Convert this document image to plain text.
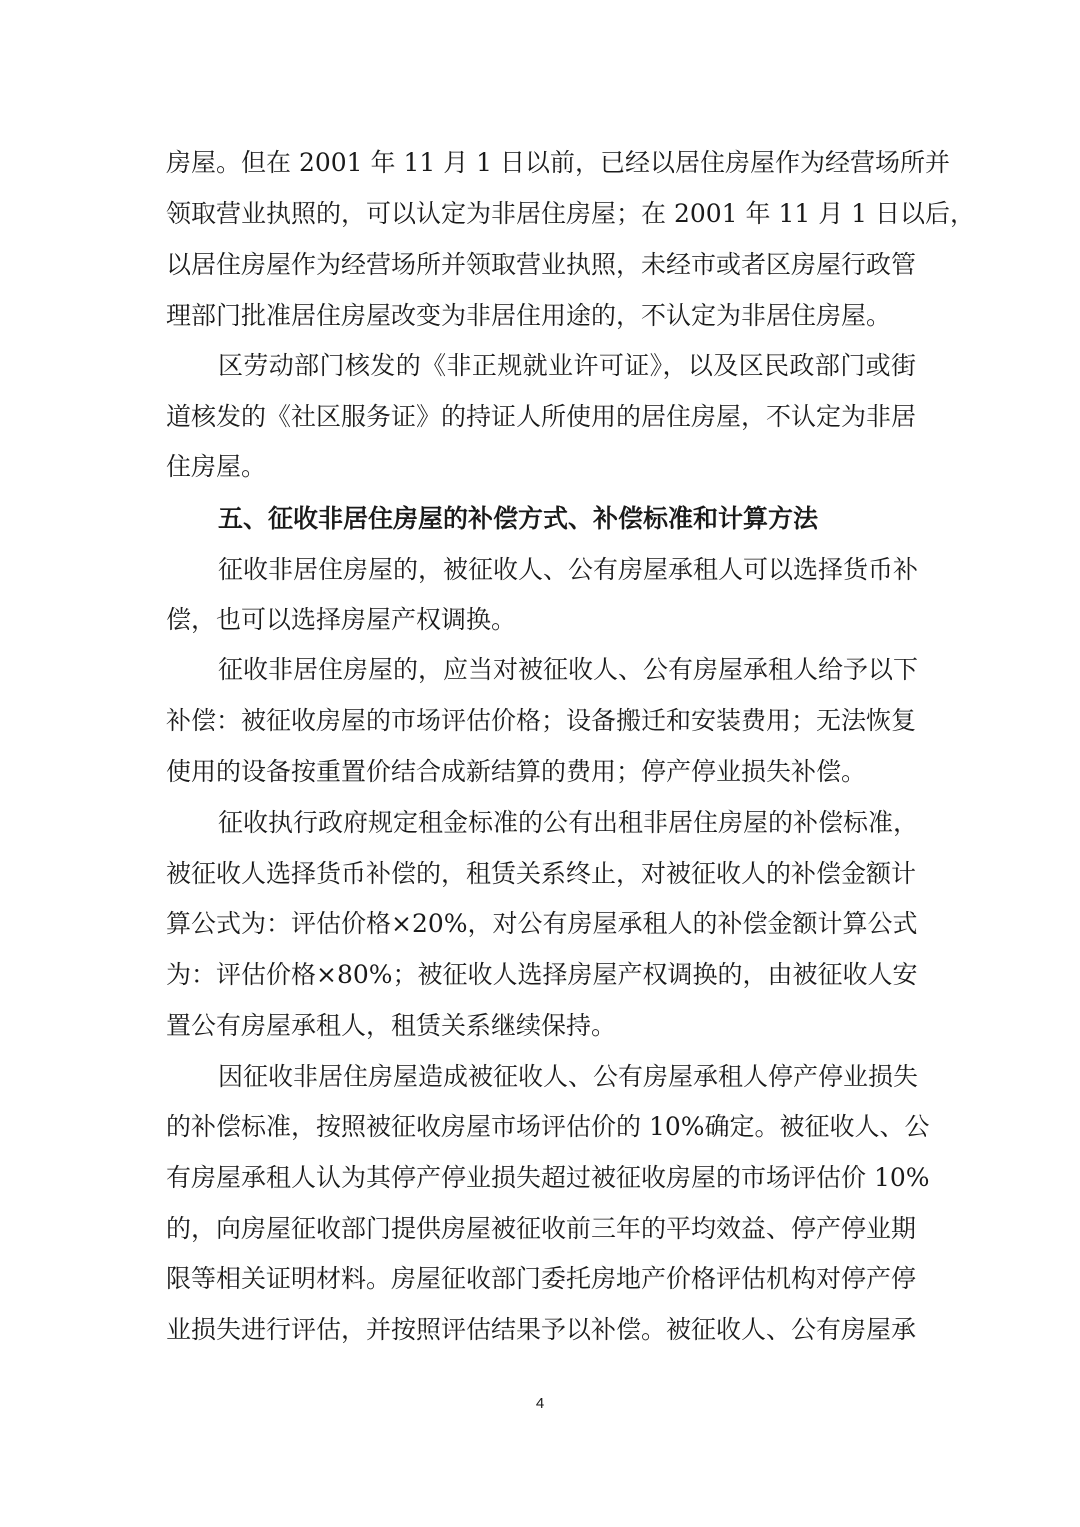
房屋。但在 2001 年 11 月 1 日以前，已经以居住房屋作为经营场所并
领取营业执照的，可以认定为非居住房屋；在 2001 年 11 月 1 日以后，
以居住房屋作为经营场所并领取营业执照，未经市或者区房屋行政管
理部门批准居住房屋改变为非居住用途的，不认定为非居住房屋。
区劳动部门核发的《非正规就业许可证》，以及区民政部门或街
道核发的《社区服务证》的持证人所使用的居住房屋，不认定为非居
住房屋。
五、征收非居住房屋的补偿方式、补偿标准和计算方法
征收非居住房屋的，被征收人、公有房屋承租人可以选择货币补
偿，也可以选择房屋产权调换。
征收非居住房屋的，应当对被征收人、公有房屋承租人给予以下
补偿：被征收房屋的市场评估价格；设备搬迁和安装费用；无法恢复
使用的设备按重置价结合成新结算的费用；停产停业损失补偿。
征收执行政府规定租金标准的公有出租非居住房屋的补偿标准，
被征收人选择货币补偿的，租赁关系终止，对被征收人的补偿金额计
算公式为：评估价格×20%，对公有房屋承租人的补偿金额计算公式
为：评估价格×80%；被征收人选择房屋产权调换的，由被征收人安
置公有房屋承租人，租赁关系继续保持。
因征收非居住房屋造成被征收人、公有房屋承租人停产停业损失
的补偿标准，按照被征收房屋市场评估价的 10%确定。被征收人、公
有房屋承租人认为其停产停业损失超过被征收房屋的市场评估价 10%
的，向房屋征收部门提供房屋被征收前三年的平均效益、停产停业期
限等相关证明材料。房屋征收部门委托房地产价格评估机构对停产停
业损失进行评估，并按照评估结果予以补偿。被征收人、公有房屋承
4
